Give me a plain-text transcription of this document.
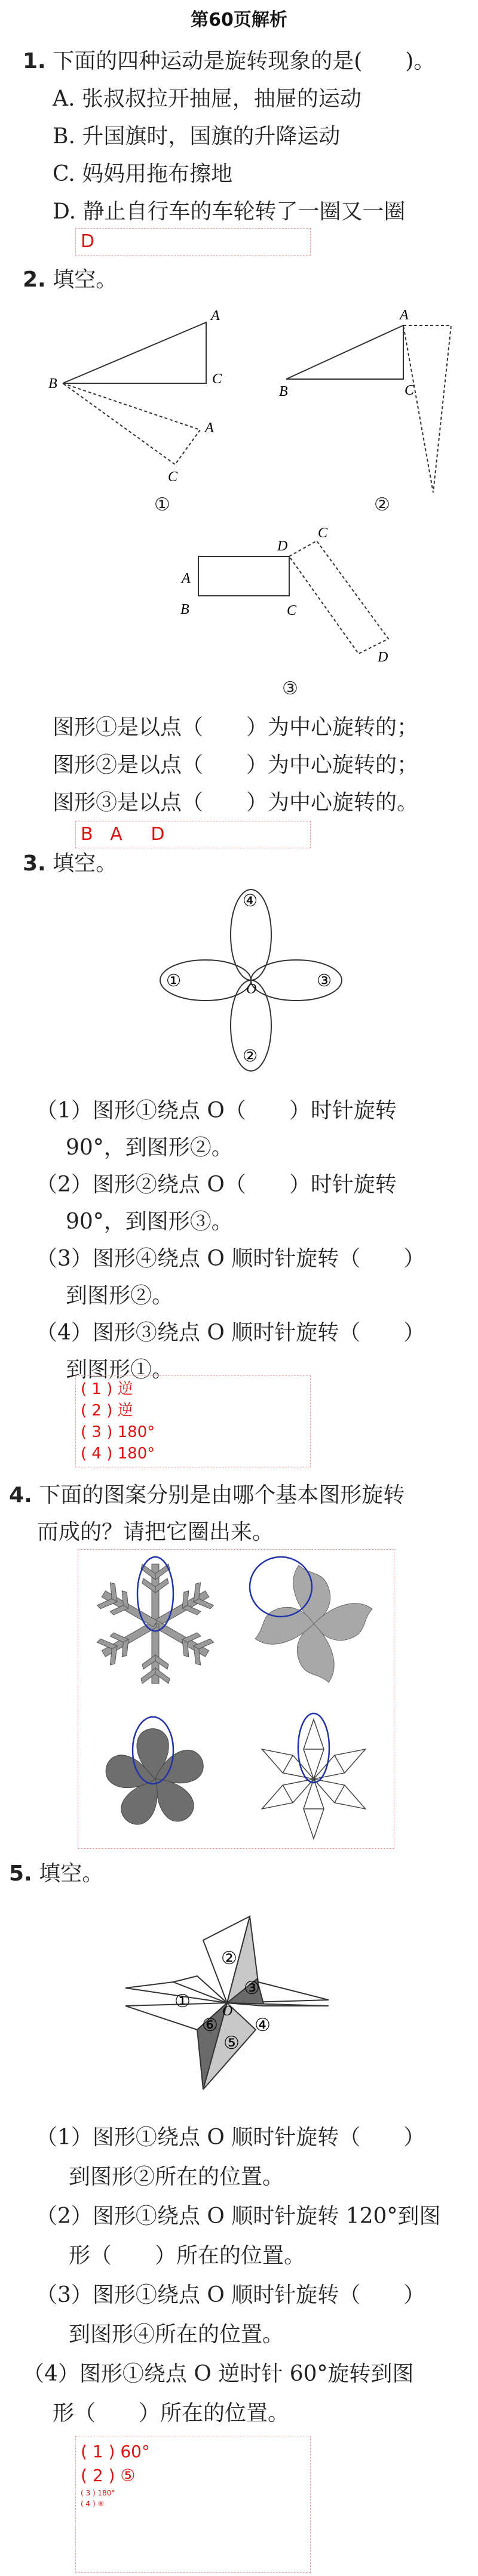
第60页解析
1. 下面的四种运动是旋转现象的是(　　)。
A. 张叔叔拉开抽屉，抽屉的运动
B. 升国旗时，国旗的升降运动
C. 妈妈用拖布擦地
D. 静止自行车的车轮转了一圈又一圈
D
2. 填空。
A
B	C
A
C
①
A
B	C
②
A
B
D
C
C
D
③
图形①是以点（　　）为中心旋转的；
图形②是以点（　　）为中心旋转的；
图形③是以点（　　）为中心旋转的。
B   A     D
3. 填空。
④
①	③
②
O
（1）图形①绕点 O（　　）时针旋转
90°，到图形②。
（2）图形②绕点 O（　　）时针旋转
90°，到图形③。
（3）图形④绕点 O 顺时针旋转（　　）
到图形②。
（4）图形③绕点 O 顺时针旋转（　　）
到图形①。
( 1 ) 逆
( 2 ) 逆
( 3 ) 180°
( 4 ) 180°
4. 下面的图案分别是由哪个基本图形旋转
而成的？请把它圈出来。
5. 填空。
①
②
③
④
⑤
⑥
O
（1）图形①绕点 O 顺时针旋转（　　）
到图形②所在的位置。
（2）图形①绕点 O 顺时针旋转 120°到图
形（　　）所在的位置。
（3）图形①绕点 O 顺时针旋转（　　）
到图形④所在的位置。
（4）图形①绕点 O 逆时针 60°旋转到图
形（　　）所在的位置。
( 1 ) 60°
( 2 ) ⑤
( 3 ) 180°
( 4 ) ⑥
